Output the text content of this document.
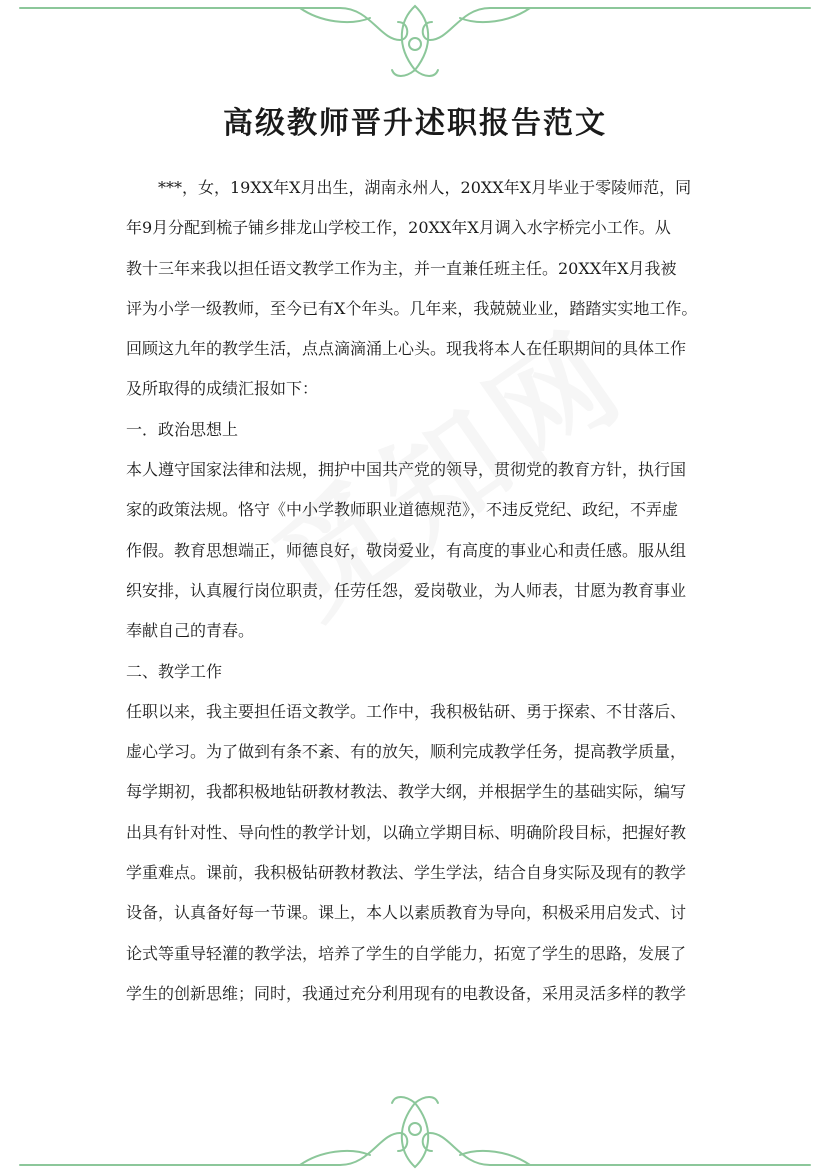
高级教师晋升述职报告范文

***，女，19XX年X月出生，湖南永州人，20XX年X月毕业于零陵师范，同

年9月分配到梳子铺乡排龙山学校工作，20XX年X月调入水字桥完小工作。从

教十三年来我以担任语文教学工作为主，并一直兼任班主任。20XX年X月我被

评为小学一级教师，至今已有X个年头。几年来，我兢兢业业，踏踏实实地工作。

回顾这九年的教学生活，点点滴滴涌上心头。现我将本人在任职期间的具体工作

及所取得的成绩汇报如下：

一．政治思想上

本人遵守国家法律和法规，拥护中国共产党的领导，贯彻党的教育方针，执行国

家的政策法规。恪守《中小学教师职业道德规范》，不违反党纪、政纪，不弄虚

作假。教育思想端正，师德良好，敬岗爱业，有高度的事业心和责任感。服从组

织安排，认真履行岗位职责，任劳任怨，爱岗敬业，为人师表，甘愿为教育事业

奉献自己的青春。

二、教学工作

任职以来，我主要担任语文教学。工作中，我积极钻研、勇于探索、不甘落后、

虚心学习。为了做到有条不紊、有的放矢，顺利完成教学任务，提高教学质量，

每学期初，我都积极地钻研教材教法、教学大纲，并根据学生的基础实际，编写

出具有针对性、导向性的教学计划，以确立学期目标、明确阶段目标，把握好教

学重难点。课前，我积极钻研教材教法、学生学法，结合自身实际及现有的教学

设备，认真备好每一节课。课上，本人以素质教育为导向，积极采用启发式、讨

论式等重导轻灌的教学法，培养了学生的自学能力，拓宽了学生的思路，发展了

学生的创新思维；同时，我通过充分利用现有的电教设备，采用灵活多样的教学
